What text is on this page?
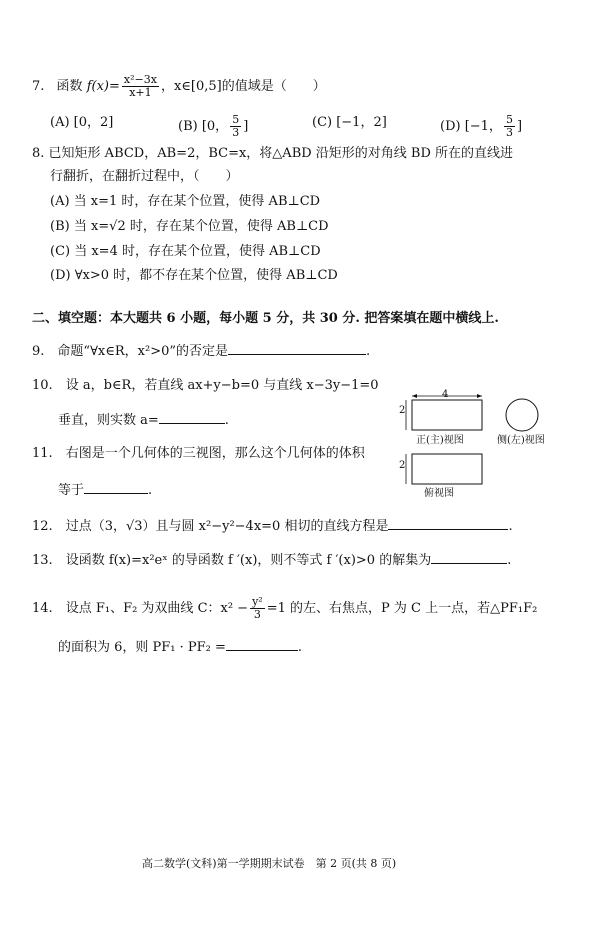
7. 函数 $f(x)= \frac{\text{x²−3x}}{x+1}$ ，x∈[0,5]的值域是（　　）
(A) [0，2]	(B) [0， $\frac{5}{3}$ ]	(C) [−1，2]	(D) [−1， $\frac{5}{3}$ ]
8. 已知矩形 ABCD，AB=2，BC=x，将△ABD 沿矩形的对角线 BD 所在的直线进
行翻折，在翻折过程中，（　　）
(A) 当 x=1 时，存在某个位置，使得 AB⊥CD
(B) 当 x=√2 时，存在某个位置，使得 AB⊥CD
(C) 当 x=4 时，存在某个位置，使得 AB⊥CD
(D) ∀x>0 时，都不存在某个位置，使得 AB⊥CD
二、填空题：本大题共 6 小题，每小题 5 分，共 30 分. 把答案填在题中横线上.
9.　 命题“∀x∈R，x²>0”的否定是	.
10.　 设 a，b∈R，若直线 ax+y−b=0 与直线 x−3y−1=0
垂直，则实数 a=	.
11.　 右图是一个几何体的三视图，那么这个几何体的体积
等于	.
4
2
2
正(主)视图	侧(左)视图
俯视图
12.　 过点（3，√3）且与圆 x²−y²−4x=0 相切的直线方程是	.
13.　 设函数 f(x)=x²eˣ 的导函数 f ′(x)，则不等式 f ′(x)>0 的解集为	.
14.　 设点 F₁、F₂ 为双曲线 C：$x^2 - \frac{\text{y²}}{3} =1$ 的左、右焦点，P 为 C 上一点，若△PF₁F₂
的面积为 6，则 PF₁ · PF₂ =	.
高二数学(文科)第一学期期末试卷　第 2 页(共 8 页)
